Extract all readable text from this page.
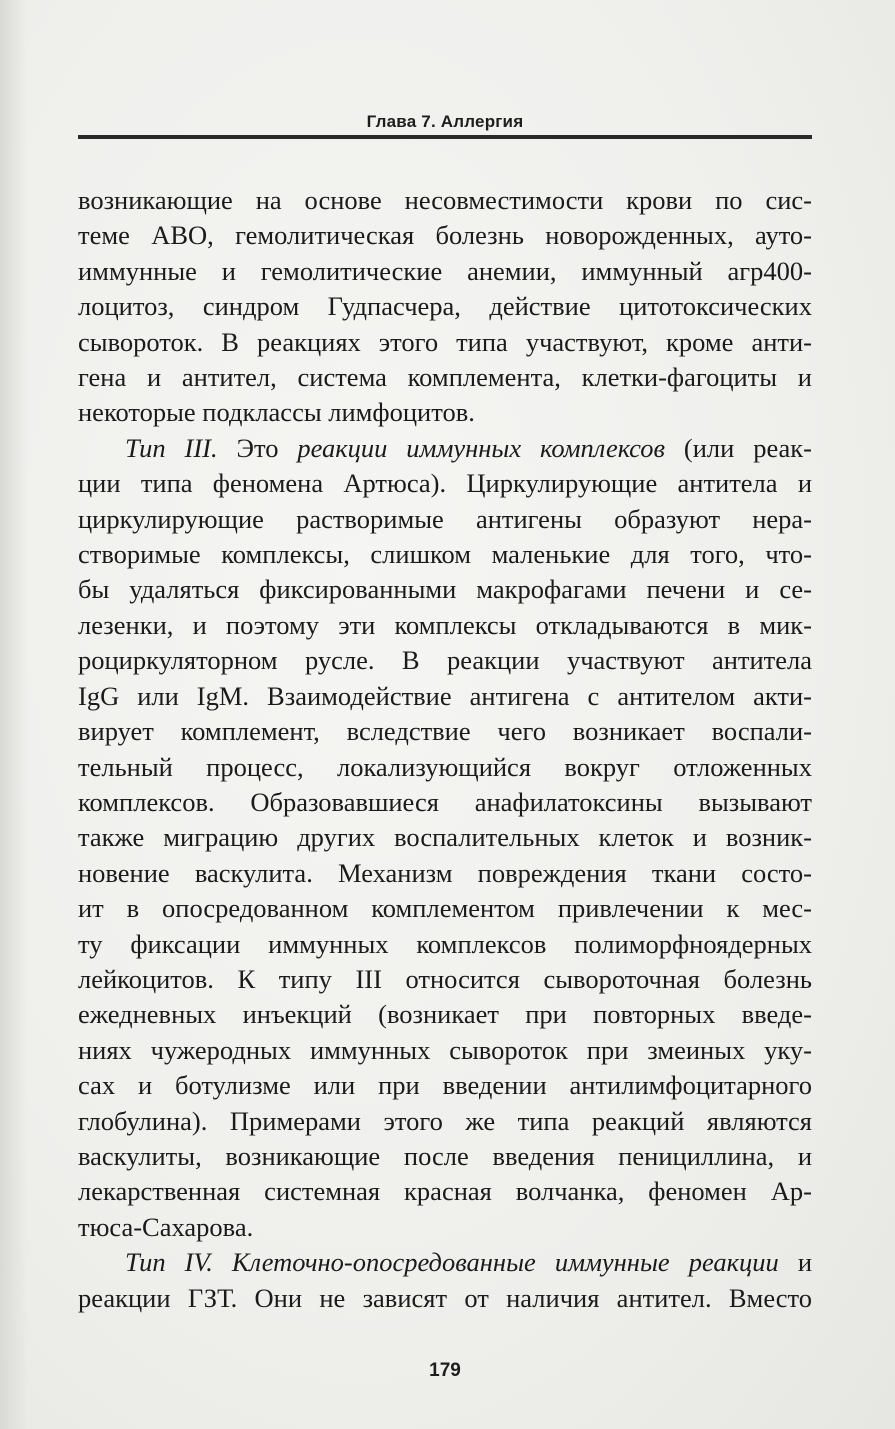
Глава 7. Аллергия
возникающие на основе несовместимости крови по сис-
теме АВО, гемолитическая болезнь новорожденных, ауто-
иммунные и гемолитические анемии, иммунный агр400-
лоцитоз, синдром Гудпасчера, действие цитотоксических
сывороток. В реакциях этого типа участвуют, кроме анти-
гена и антител, система комплемента, клетки-фагоциты и
некоторые подклассы лимфоцитов.
Тип III. Это реакции иммунных комплексов (или реак-
ции типа феномена Артюса). Циркулирующие антитела и
циркулирующие растворимые антигены образуют нера-
створимые комплексы, слишком маленькие для того, что-
бы удаляться фиксированными макрофагами печени и се-
лезенки, и поэтому эти комплексы откладываются в мик-
роциркуляторном русле. В реакции участвуют антитела
IgG или IgM. Взаимодействие антигена с антителом акти-
вирует комплемент, вследствие чего возникает воспали-
тельный процесс, локализующийся вокруг отложенных
комплексов. Образовавшиеся анафилатоксины вызывают
также миграцию других воспалительных клеток и возник-
новение васкулита. Механизм повреждения ткани состо-
ит в опосредованном комплементом привлечении к мес-
ту фиксации иммунных комплексов полиморфноядерных
лейкоцитов. К типу III относится сывороточная болезнь
ежедневных инъекций (возникает при повторных введе-
ниях чужеродных иммунных сывороток при змеиных уку-
сах и ботулизме или при введении антилимфоцитарного
глобулина). Примерами этого же типа реакций являются
васкулиты, возникающие после введения пенициллина, и
лекарственная системная красная волчанка, феномен Ар-
тюса-Сахарова.
Тип IV. Клеточно-опосредованные иммунные реакции и
реакции ГЗТ. Они не зависят от наличия антител. Вместо
179
